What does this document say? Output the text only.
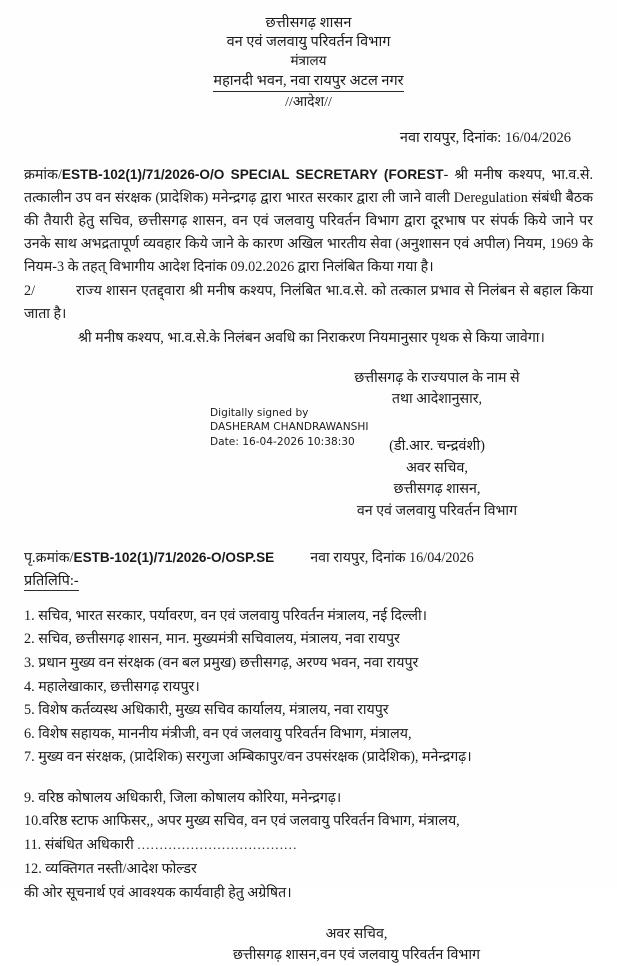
छत्तीसगढ़ शासन
वन एवं जलवायु परिवर्तन विभाग
मंत्रालय
महानदी भवन, नवा रायपुर अटल नगर
//आदेश//
नवा रायपुर, दिनांक: 16/04/2026

क्रमांक/ESTB-102(1)/71/2026-O/O SPECIAL SECRETARY (FOREST- श्री मनीष कश्यप, भा.व.से. तत्कालीन उप वन संरक्षक (प्रादेशिक) मनेन्द्रगढ़ द्वारा भारत सरकार द्वारा ली जाने वाली Deregulation संबंधी बैठक की तैयारी हेतु सचिव, छत्तीसगढ़ शासन, वन एवं जलवायु परिवर्तन विभाग द्वारा दूरभाष पर संपर्क किये जाने पर उनके साथ अभद्रतापूर्ण व्यवहार किये जाने के कारण अखिल भारतीय सेवा (अनुशासन एवं अपील) नियम, 1969 के नियम-3 के तहत् विभागीय आदेश दिनांक 09.02.2026 द्वारा निलंबित किया गया है।

2/	राज्य शासन एतद्द्वारा श्री मनीष कश्यप, निलंबित भा.व.से. को तत्काल प्रभाव से निलंबन से बहाल किया जाता है।

श्री मनीष कश्यप, भा.व.से.के निलंबन अवधि का निराकरण नियमानुसार पृथक से किया जावेगा।

छत्तीसगढ़ के राज्यपाल के नाम से
तथा आदेशानुसार,
(डी.आर. चन्द्रवंशी)
अवर सचिव,
छत्तीसगढ़ शासन,
वन एवं जलवायु परिवर्तन विभाग
Digitally signed by
DASHERAM CHANDRAWANSHI
Date: 16-04-2026 10:38:30
पृ.क्रमांक/ESTB-102(1)/71/2026-O/OSP.SE	नवा रायपुर, दिनांक 16/04/2026
प्रतिलिपि:-
1. सचिव, भारत सरकार, पर्यावरण, वन एवं जलवायु परिवर्तन मंत्रालय, नई दिल्ली।
2. सचिव, छत्तीसगढ़ शासन, मान. मुख्यमंत्री सचिवालय, मंत्रालय, नवा रायपुर
3. प्रधान मुख्य वन संरक्षक (वन बल प्रमुख) छत्तीसगढ़, अरण्य भवन, नवा रायपुर
4. महालेखाकार, छत्तीसगढ़ रायपुर।
5. विशेष कर्तव्यस्थ अधिकारी, मुख्य सचिव कार्यालय, मंत्रालय, नवा रायपुर
6. विशेष सहायक, माननीय मंत्रीजी, वन एवं जलवायु परिवर्तन विभाग, मंत्रालय,
7. मुख्य वन संरक्षक, (प्रादेशिक) सरगुजा अम्बिकापुर/वन उपसंरक्षक (प्रादेशिक), मनेन्द्रगढ़।
9. वरिष्ठ कोषालय अधिकारी, जिला कोषालय कोरिया, मनेन्द्रगढ़।
10.वरिष्ठ स्टाफ आफिसर,, अपर मुख्य सचिव, वन एवं जलवायु परिवर्तन विभाग, मंत्रालय,
11. संबंधित अधिकारी ....................................
12. व्यक्तिगत नस्ती/आदेश फोल्डर
की ओर सूचनार्थ एवं आवश्यक कार्यवाही हेतु अग्रेषित।
अवर सचिव,
छत्तीसगढ़ शासन,वन एवं जलवायु परिवर्तन विभाग
